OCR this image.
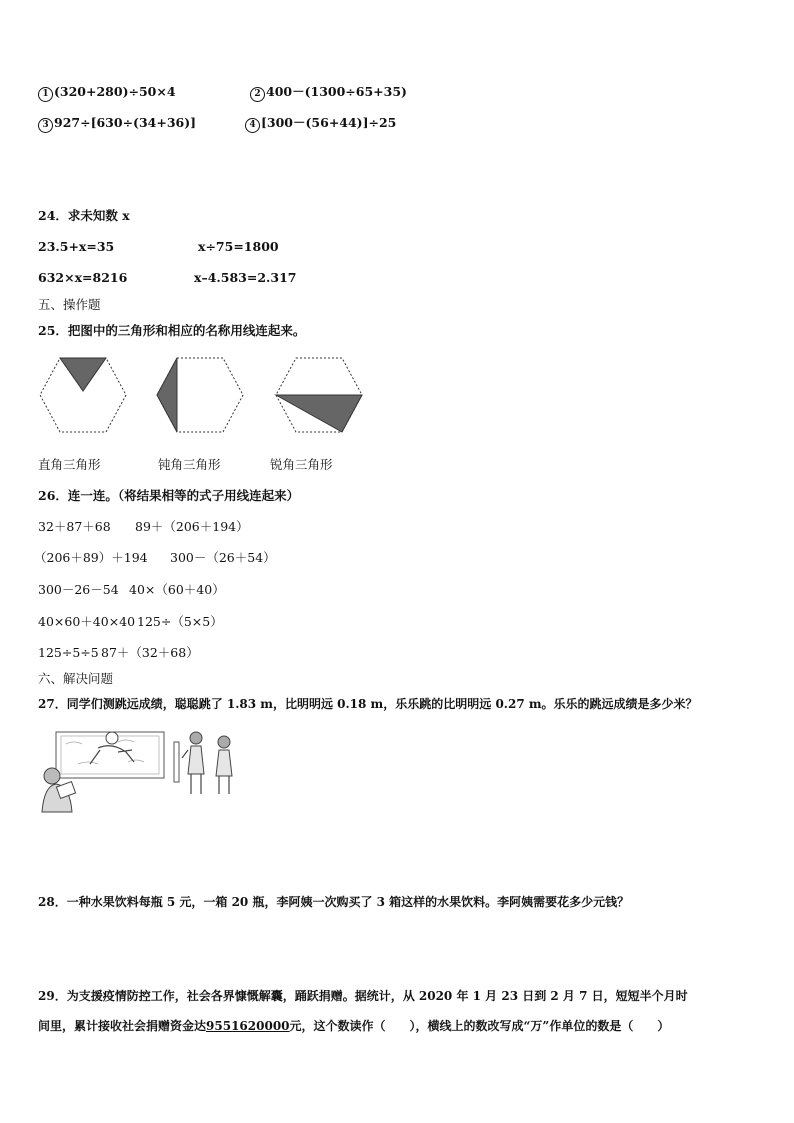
1 (320+280)÷50×4	2 400－(1300÷65+35)
3 927÷[630÷(34+36)]	4 [300－(56+44)]÷25
24．求未知数 x
23.5+x=35	x÷75=1800
632×x=8216	x–4.583=2.317
五、操作题
25．把图中的三角形和相应的名称用线连起来。
直角三角形	钝角三角形	锐角三角形
26．连一连。（将结果相等的式子用线连起来）
32＋87＋68 89＋（206＋194）
（206＋89）＋194 300－（26＋54）
300－26－54 40×（60＋40）
40×60＋40×40 125÷（5×5）
125÷5÷5 87＋（32＋68）
六、解决问题
27．同学们测跳远成绩，聪聪跳了 1.83 m，比明明远 0.18 m，乐乐跳的比明明远 0.27 m。乐乐的跳远成绩是多少米？
28．一种水果饮料每瓶 5 元，一箱 20 瓶，李阿姨一次购买了 3 箱这样的水果饮料。李阿姨需要花多少元钱？
29．为支援疫情防控工作，社会各界慷慨解囊，踊跃捐赠。据统计，从 2020 年 1 月 23 日到 2 月 7 日，短短半个月时
间里，累计接收社会捐赠资金达9551620000元，这个数读作（　　），横线上的数改写成“万”作单位的数是（　　）
